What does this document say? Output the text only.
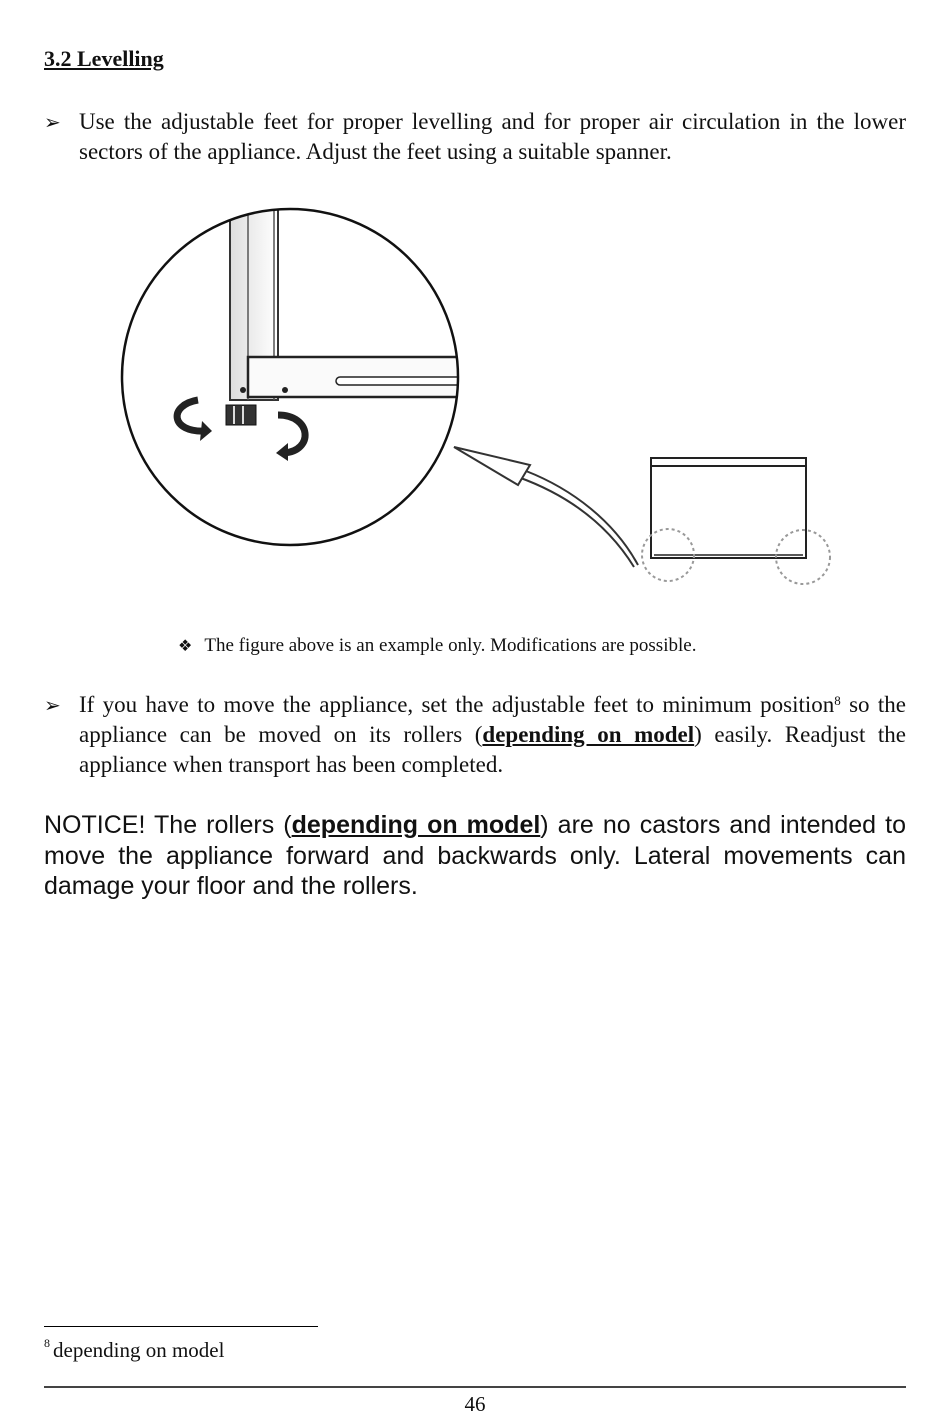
3.2 Levelling

➢ Use the adjustable feet for proper levelling and for proper air circulation in the lower sectors of the appliance. Adjust the feet using a suitable spanner.

❖ The figure above is an example only. Modifications are possible.

➢ If you have to move the appliance, set the adjustable feet to minimum position$^8$ so the appliance can be moved on its rollers (depending on model) easily. Readjust the appliance when transport has been completed.

NOTICE! The rollers (depending on model) are no castors and intended to move the appliance forward and backwards only. Lateral movements can damage your floor and the rollers.

$^8$ depending on model

46
